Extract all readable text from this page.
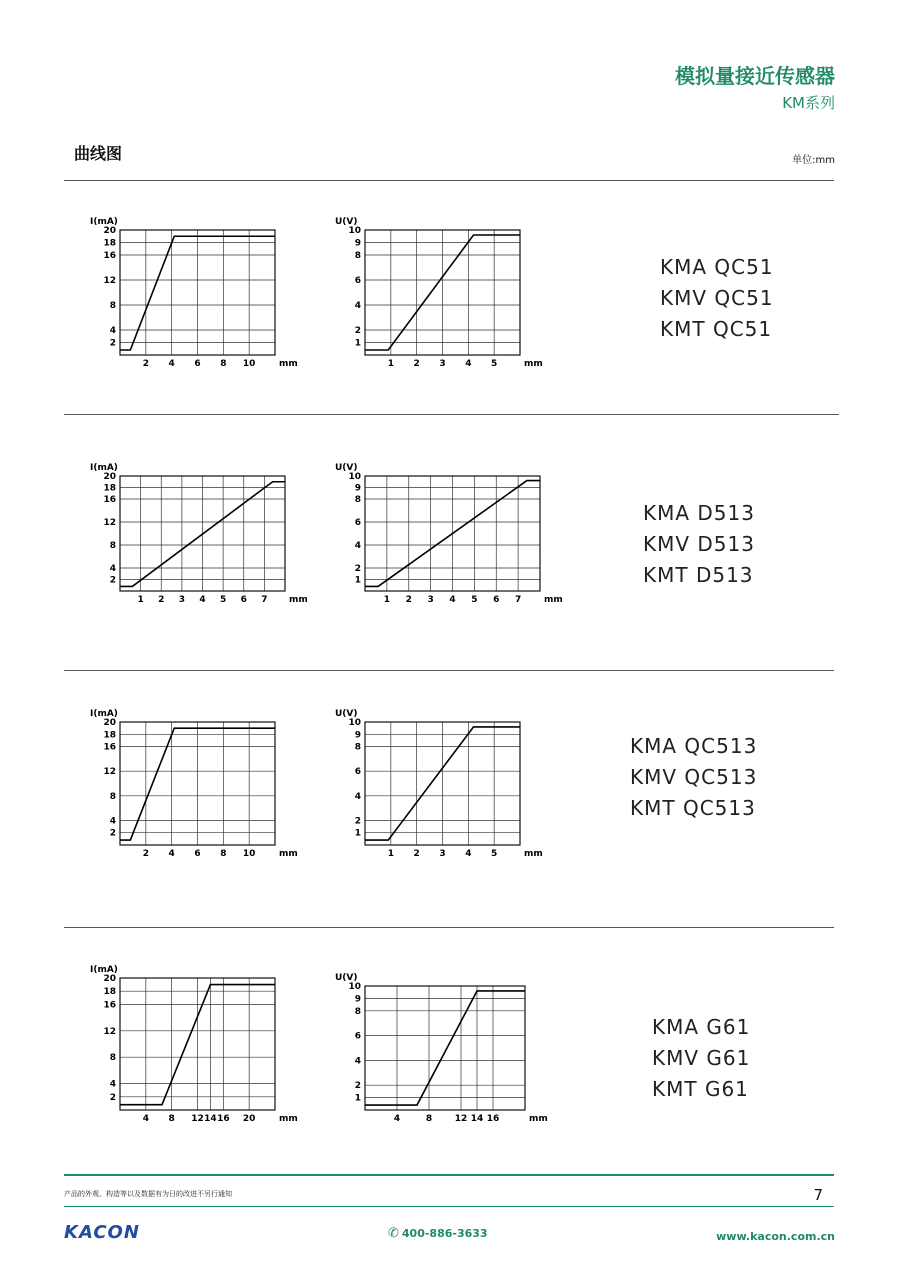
模拟量接近传感器
KM系列
曲线图	单位:mm
I(mA)
20
18
16
12
8
4
2
2 4 6 8 10	mm
U(V)
10
9
8
6
4
2
1
1 2 3 4 5	mm
KMA QC51
KMV QC51
KMT QC51
I(mA)
20
18
16
12
8
4
2
1 2 3 4 5 6 7 mm
U(V)
10
9
8
6
4
2
1
1 2 3 4 5 6 7	mm
KMA D513
KMV D513
KMT D513
I(mA)
20
18
16
12
8
4
2
2 4 6 8 10	mm
U(V)
10
9
8
6
4
2
1
1 2 3 4 5	mm
KMA QC513
KMV QC513
KMT QC513
I(mA)
20
18
16
12
8
4
2
4 8 12 14 16 20	mm
U(V)
10
9
8
6
4
2
1
4	8	12 14 16	mm
KMA G61
KMV G61
KMT G61
产品的外观、构造等以及数据有为日的改进不另行通知	7
KACON	✆ 400-886-3633	www.kacon.com.cn
